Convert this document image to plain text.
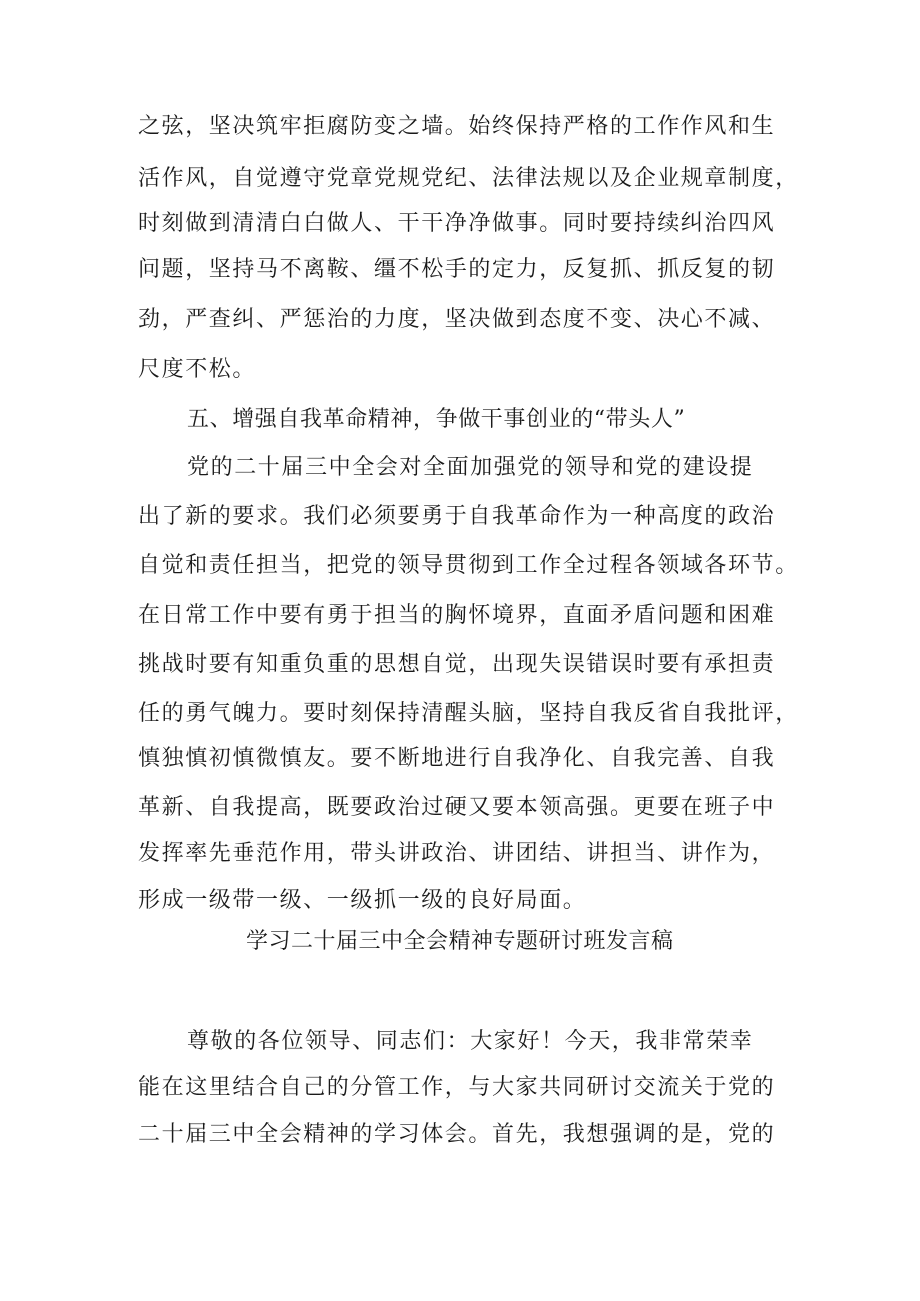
之弦，坚决筑牢拒腐防变之墙。始终保持严格的工作作风和生
活作风，自觉遵守党章党规党纪、法律法规以及企业规章制度，
时刻做到清清白白做人、干干净净做事。同时要持续纠治四风
问题，坚持马不离鞍、缰不松手的定力，反复抓、抓反复的韧
劲，严查纠、严惩治的力度，坚决做到态度不变、决心不减、
尺度不松。
五、增强自我革命精神，争做干事创业的“带头人”
党的二十届三中全会对全面加强党的领导和党的建设提
出了新的要求。我们必须要勇于自我革命作为一种高度的政治
自觉和责任担当，把党的领导贯彻到工作全过程各领域各环节。
在日常工作中要有勇于担当的胸怀境界，直面矛盾问题和困难
挑战时要有知重负重的思想自觉，出现失误错误时要有承担责
任的勇气魄力。要时刻保持清醒头脑，坚持自我反省自我批评，
慎独慎初慎微慎友。要不断地进行自我净化、自我完善、自我
革新、自我提高，既要政治过硬又要本领高强。更要在班子中
发挥率先垂范作用，带头讲政治、讲团结、讲担当、讲作为，
形成一级带一级、一级抓一级的良好局面。
学习二十届三中全会精神专题研讨班发言稿
尊敬的各位领导、同志们：大家好！今天，我非常荣幸
能在这里结合自己的分管工作，与大家共同研讨交流关于党的
二十届三中全会精神的学习体会。首先，我想强调的是，党的
